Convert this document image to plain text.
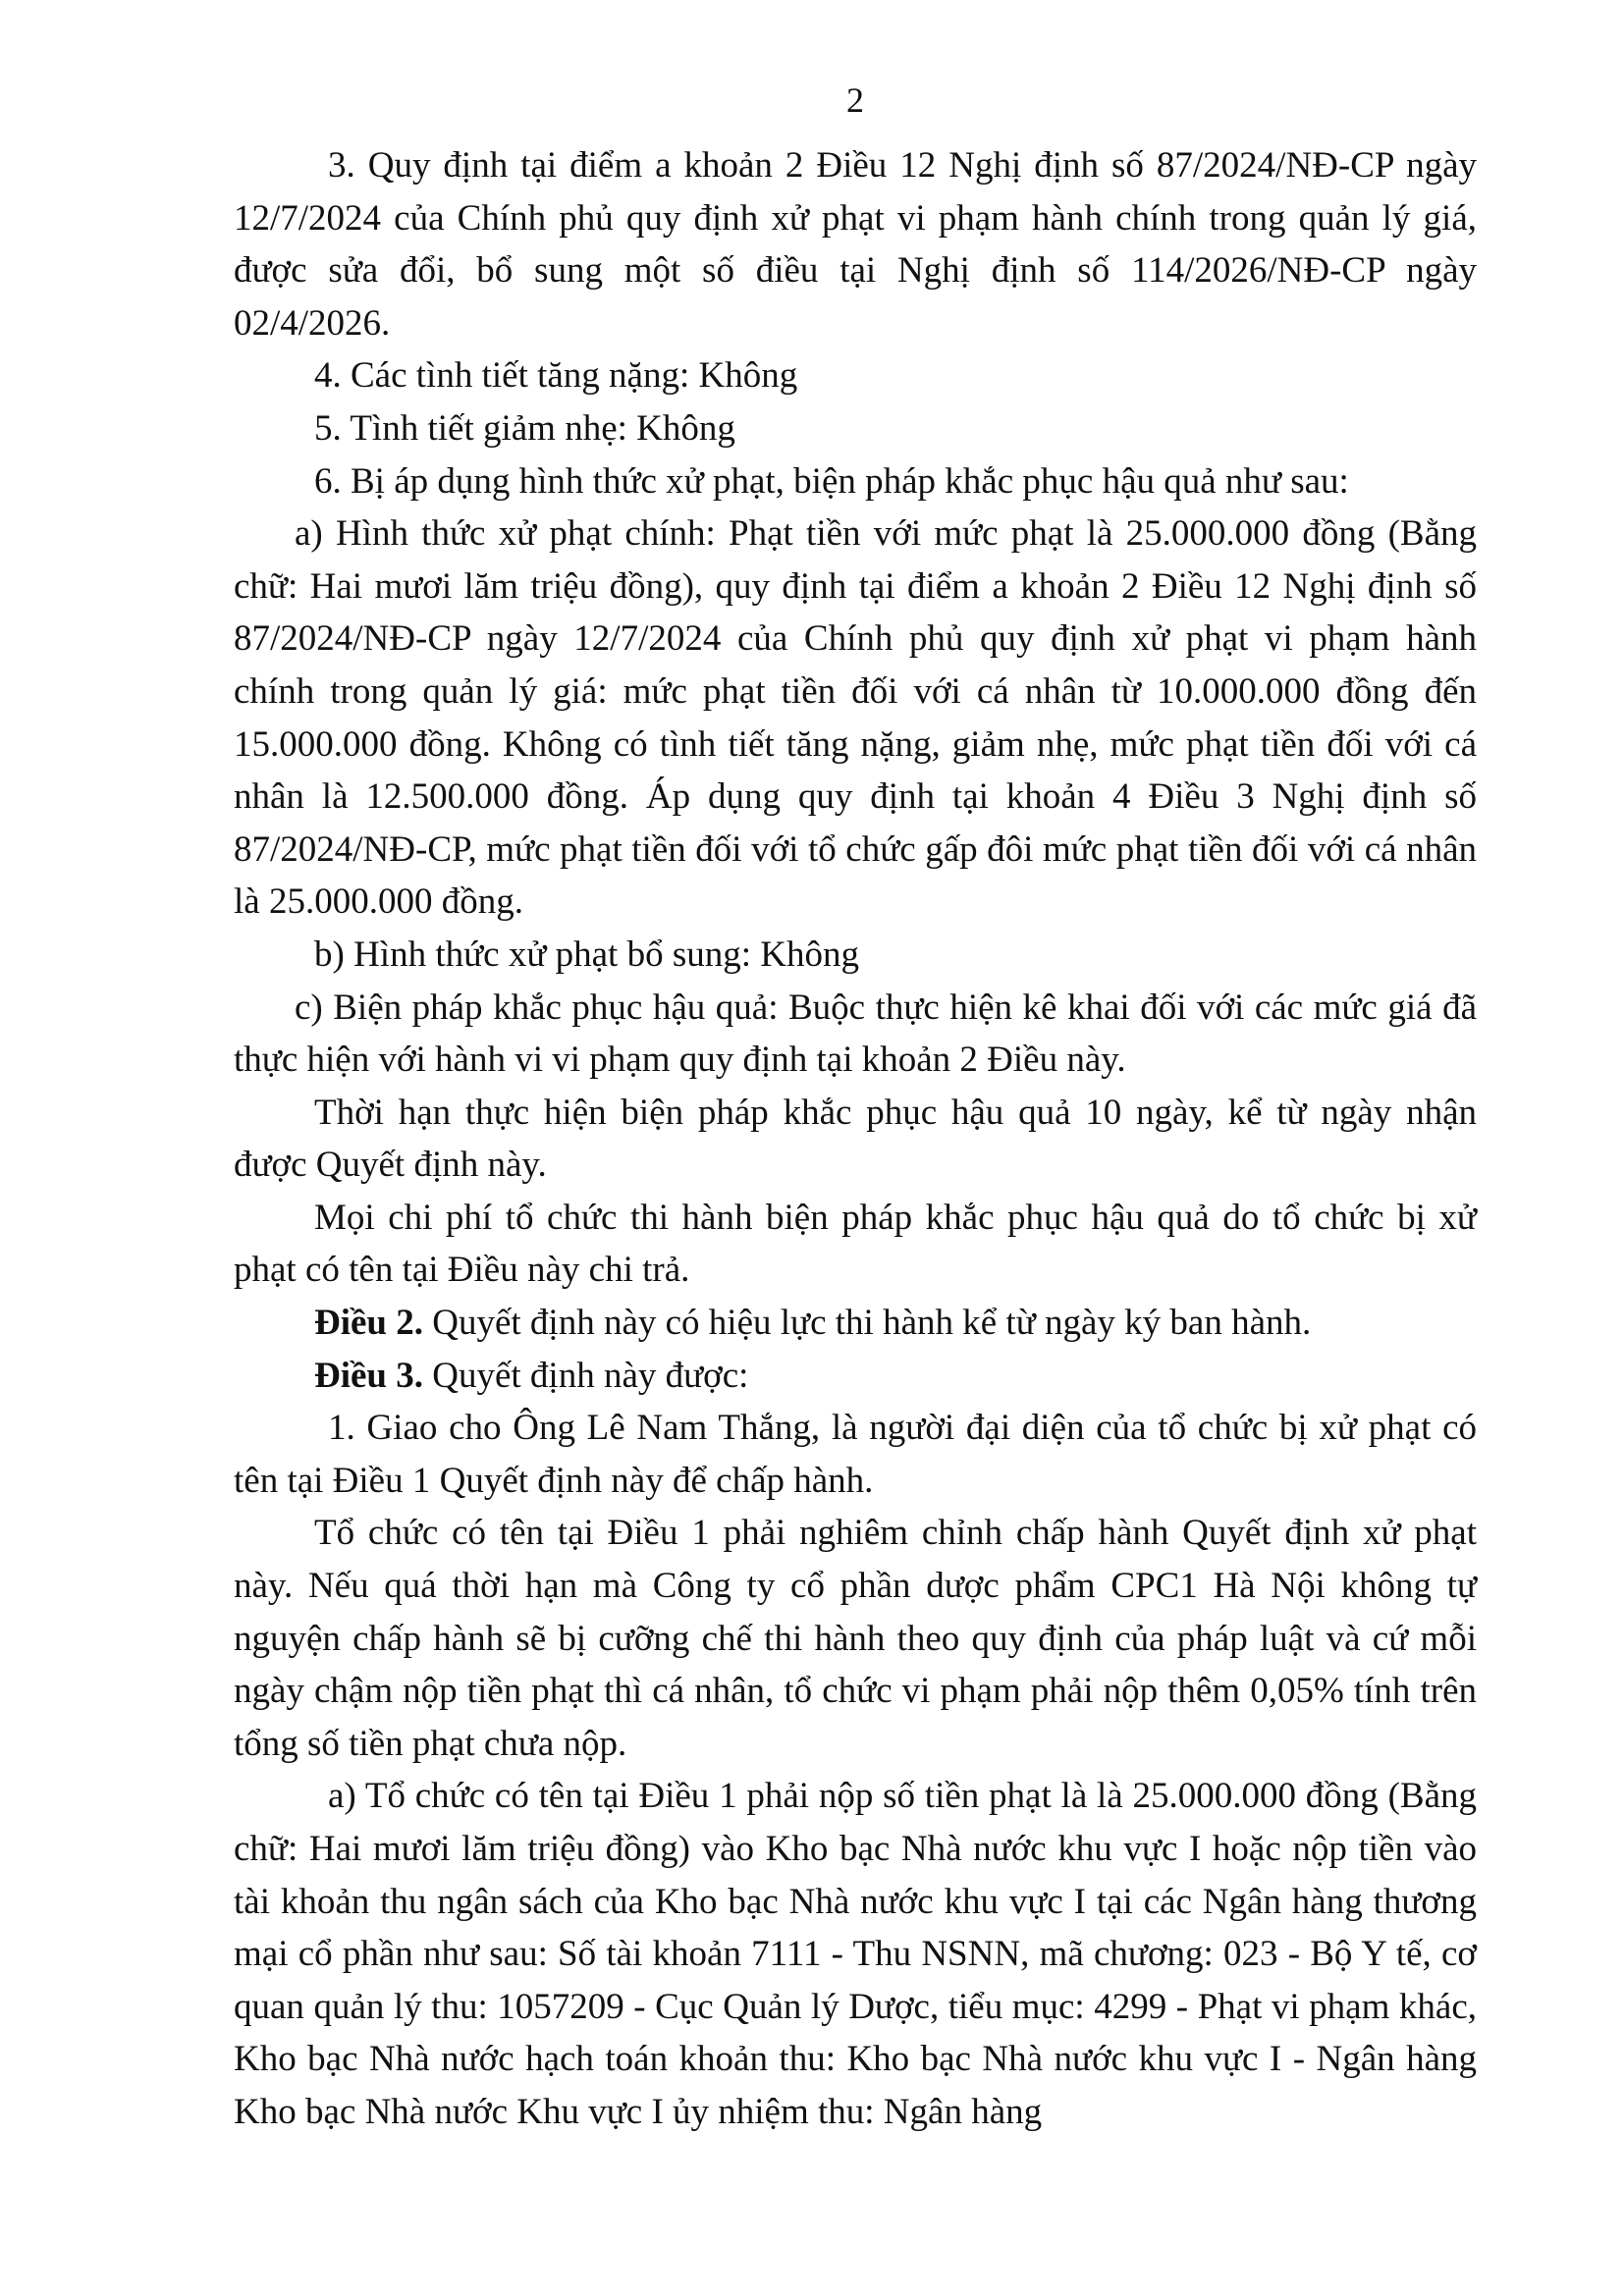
2

3. Quy định tại điểm a khoản 2 Điều 12 Nghị định số 87/2024/NĐ-CP ngày 12/7/2024 của Chính phủ quy định xử phạt vi phạm hành chính trong quản lý giá, được sửa đổi, bổ sung một số điều tại Nghị định số 114/2026/NĐ-CP ngày 02/4/2026.

4. Các tình tiết tăng nặng: Không

5. Tình tiết giảm nhẹ: Không

6. Bị áp dụng hình thức xử phạt, biện pháp khắc phục hậu quả như sau:

a) Hình thức xử phạt chính: Phạt tiền với mức phạt là 25.000.000 đồng (Bằng chữ: Hai mươi lăm triệu đồng), quy định tại điểm a khoản 2 Điều 12 Nghị định số 87/2024/NĐ-CP ngày 12/7/2024 của Chính phủ quy định xử phạt vi phạm hành chính trong quản lý giá: mức phạt tiền đối với cá nhân từ 10.000.000 đồng đến 15.000.000 đồng. Không có tình tiết tăng nặng, giảm nhẹ, mức phạt tiền đối với cá nhân là 12.500.000 đồng. Áp dụng quy định tại khoản 4 Điều 3 Nghị định số 87/2024/NĐ-CP, mức phạt tiền đối với tổ chức gấp đôi mức phạt tiền đối với cá nhân là 25.000.000 đồng.

b) Hình thức xử phạt bổ sung: Không

c) Biện pháp khắc phục hậu quả: Buộc thực hiện kê khai đối với các mức giá đã thực hiện với hành vi vi phạm quy định tại khoản 2 Điều này.

Thời hạn thực hiện biện pháp khắc phục hậu quả 10 ngày, kể từ ngày nhận được Quyết định này.

Mọi chi phí tổ chức thi hành biện pháp khắc phục hậu quả do tổ chức bị xử phạt có tên tại Điều này chi trả.

Điều 2. Quyết định này có hiệu lực thi hành kể từ ngày ký ban hành.

Điều 3. Quyết định này được:

1. Giao cho Ông Lê Nam Thắng, là người đại diện của tổ chức bị xử phạt có tên tại Điều 1 Quyết định này để chấp hành.

Tổ chức có tên tại Điều 1 phải nghiêm chỉnh chấp hành Quyết định xử phạt này. Nếu quá thời hạn mà Công ty cổ phần dược phẩm CPC1 Hà Nội không tự nguyện chấp hành sẽ bị cưỡng chế thi hành theo quy định của pháp luật và cứ mỗi ngày chậm nộp tiền phạt thì cá nhân, tổ chức vi phạm phải nộp thêm 0,05% tính trên tổng số tiền phạt chưa nộp.

a) Tổ chức có tên tại Điều 1 phải nộp số tiền phạt là là 25.000.000 đồng (Bằng chữ: Hai mươi lăm triệu đồng) vào Kho bạc Nhà nước khu vực I hoặc nộp tiền vào tài khoản thu ngân sách của Kho bạc Nhà nước khu vực I tại các Ngân hàng thương mại cổ phần như sau: Số tài khoản 7111 - Thu NSNN, mã chương: 023 - Bộ Y tế, cơ quan quản lý thu: 1057209 - Cục Quản lý Dược, tiểu mục: 4299 - Phạt vi phạm khác, Kho bạc Nhà nước hạch toán khoản thu: Kho bạc Nhà nước khu vực I - Ngân hàng Kho bạc Nhà nước Khu vực I ủy nhiệm thu: Ngân hàng
